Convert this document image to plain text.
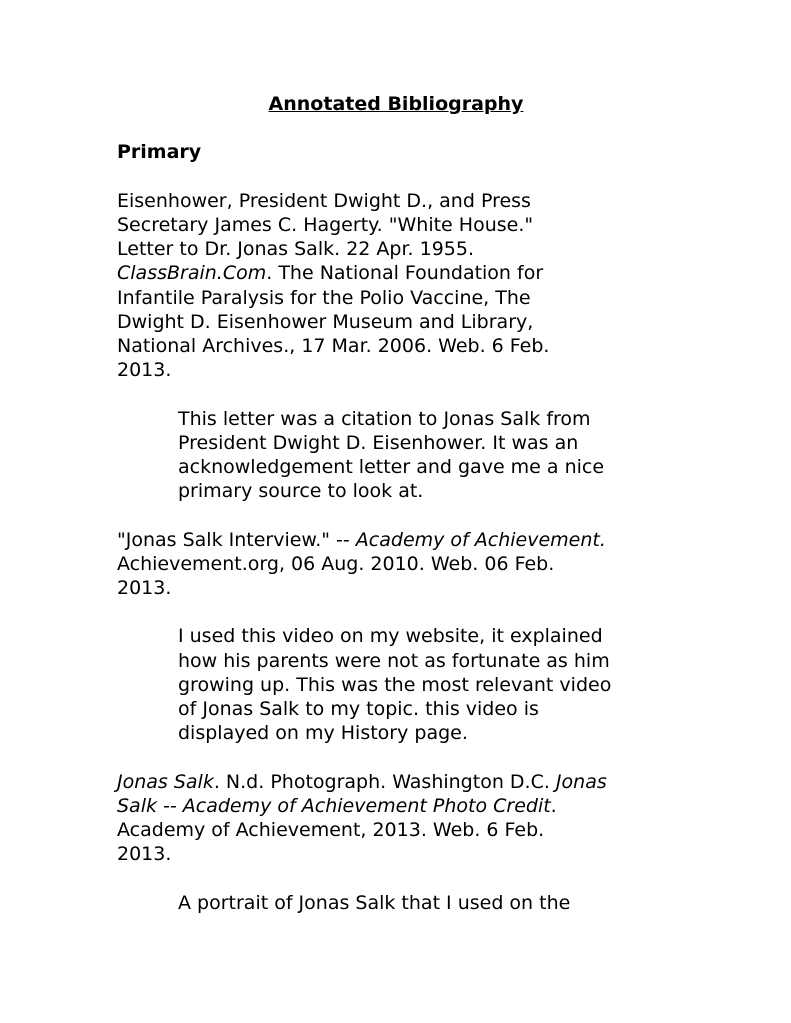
Annotated Bibliography
Primary
Eisenhower, President Dwight D., and Press
Secretary James C. Hagerty. "White House."
Letter to Dr. Jonas Salk. 22 Apr. 1955.
ClassBrain.Com. The National Foundation for
Infantile Paralysis for the Polio Vaccine, The
Dwight D. Eisenhower Museum and Library,
National Archives., 17 Mar. 2006. Web. 6 Feb.
2013.
This letter was a citation to Jonas Salk from
President Dwight D. Eisenhower. It was an
acknowledgement letter and gave me a nice
primary source to look at.
"Jonas Salk Interview." -- Academy of Achievement.
Achievement.org, 06 Aug. 2010. Web. 06 Feb.
2013.
I used this video on my website, it explained
how his parents were not as fortunate as him
growing up. This was the most relevant video
of Jonas Salk to my topic. this video is
displayed on my History page.
Jonas Salk. N.d. Photograph. Washington D.C. Jonas
Salk -- Academy of Achievement Photo Credit.
Academy of Achievement, 2013. Web. 6 Feb.
2013.
A portrait of Jonas Salk that I used on the
